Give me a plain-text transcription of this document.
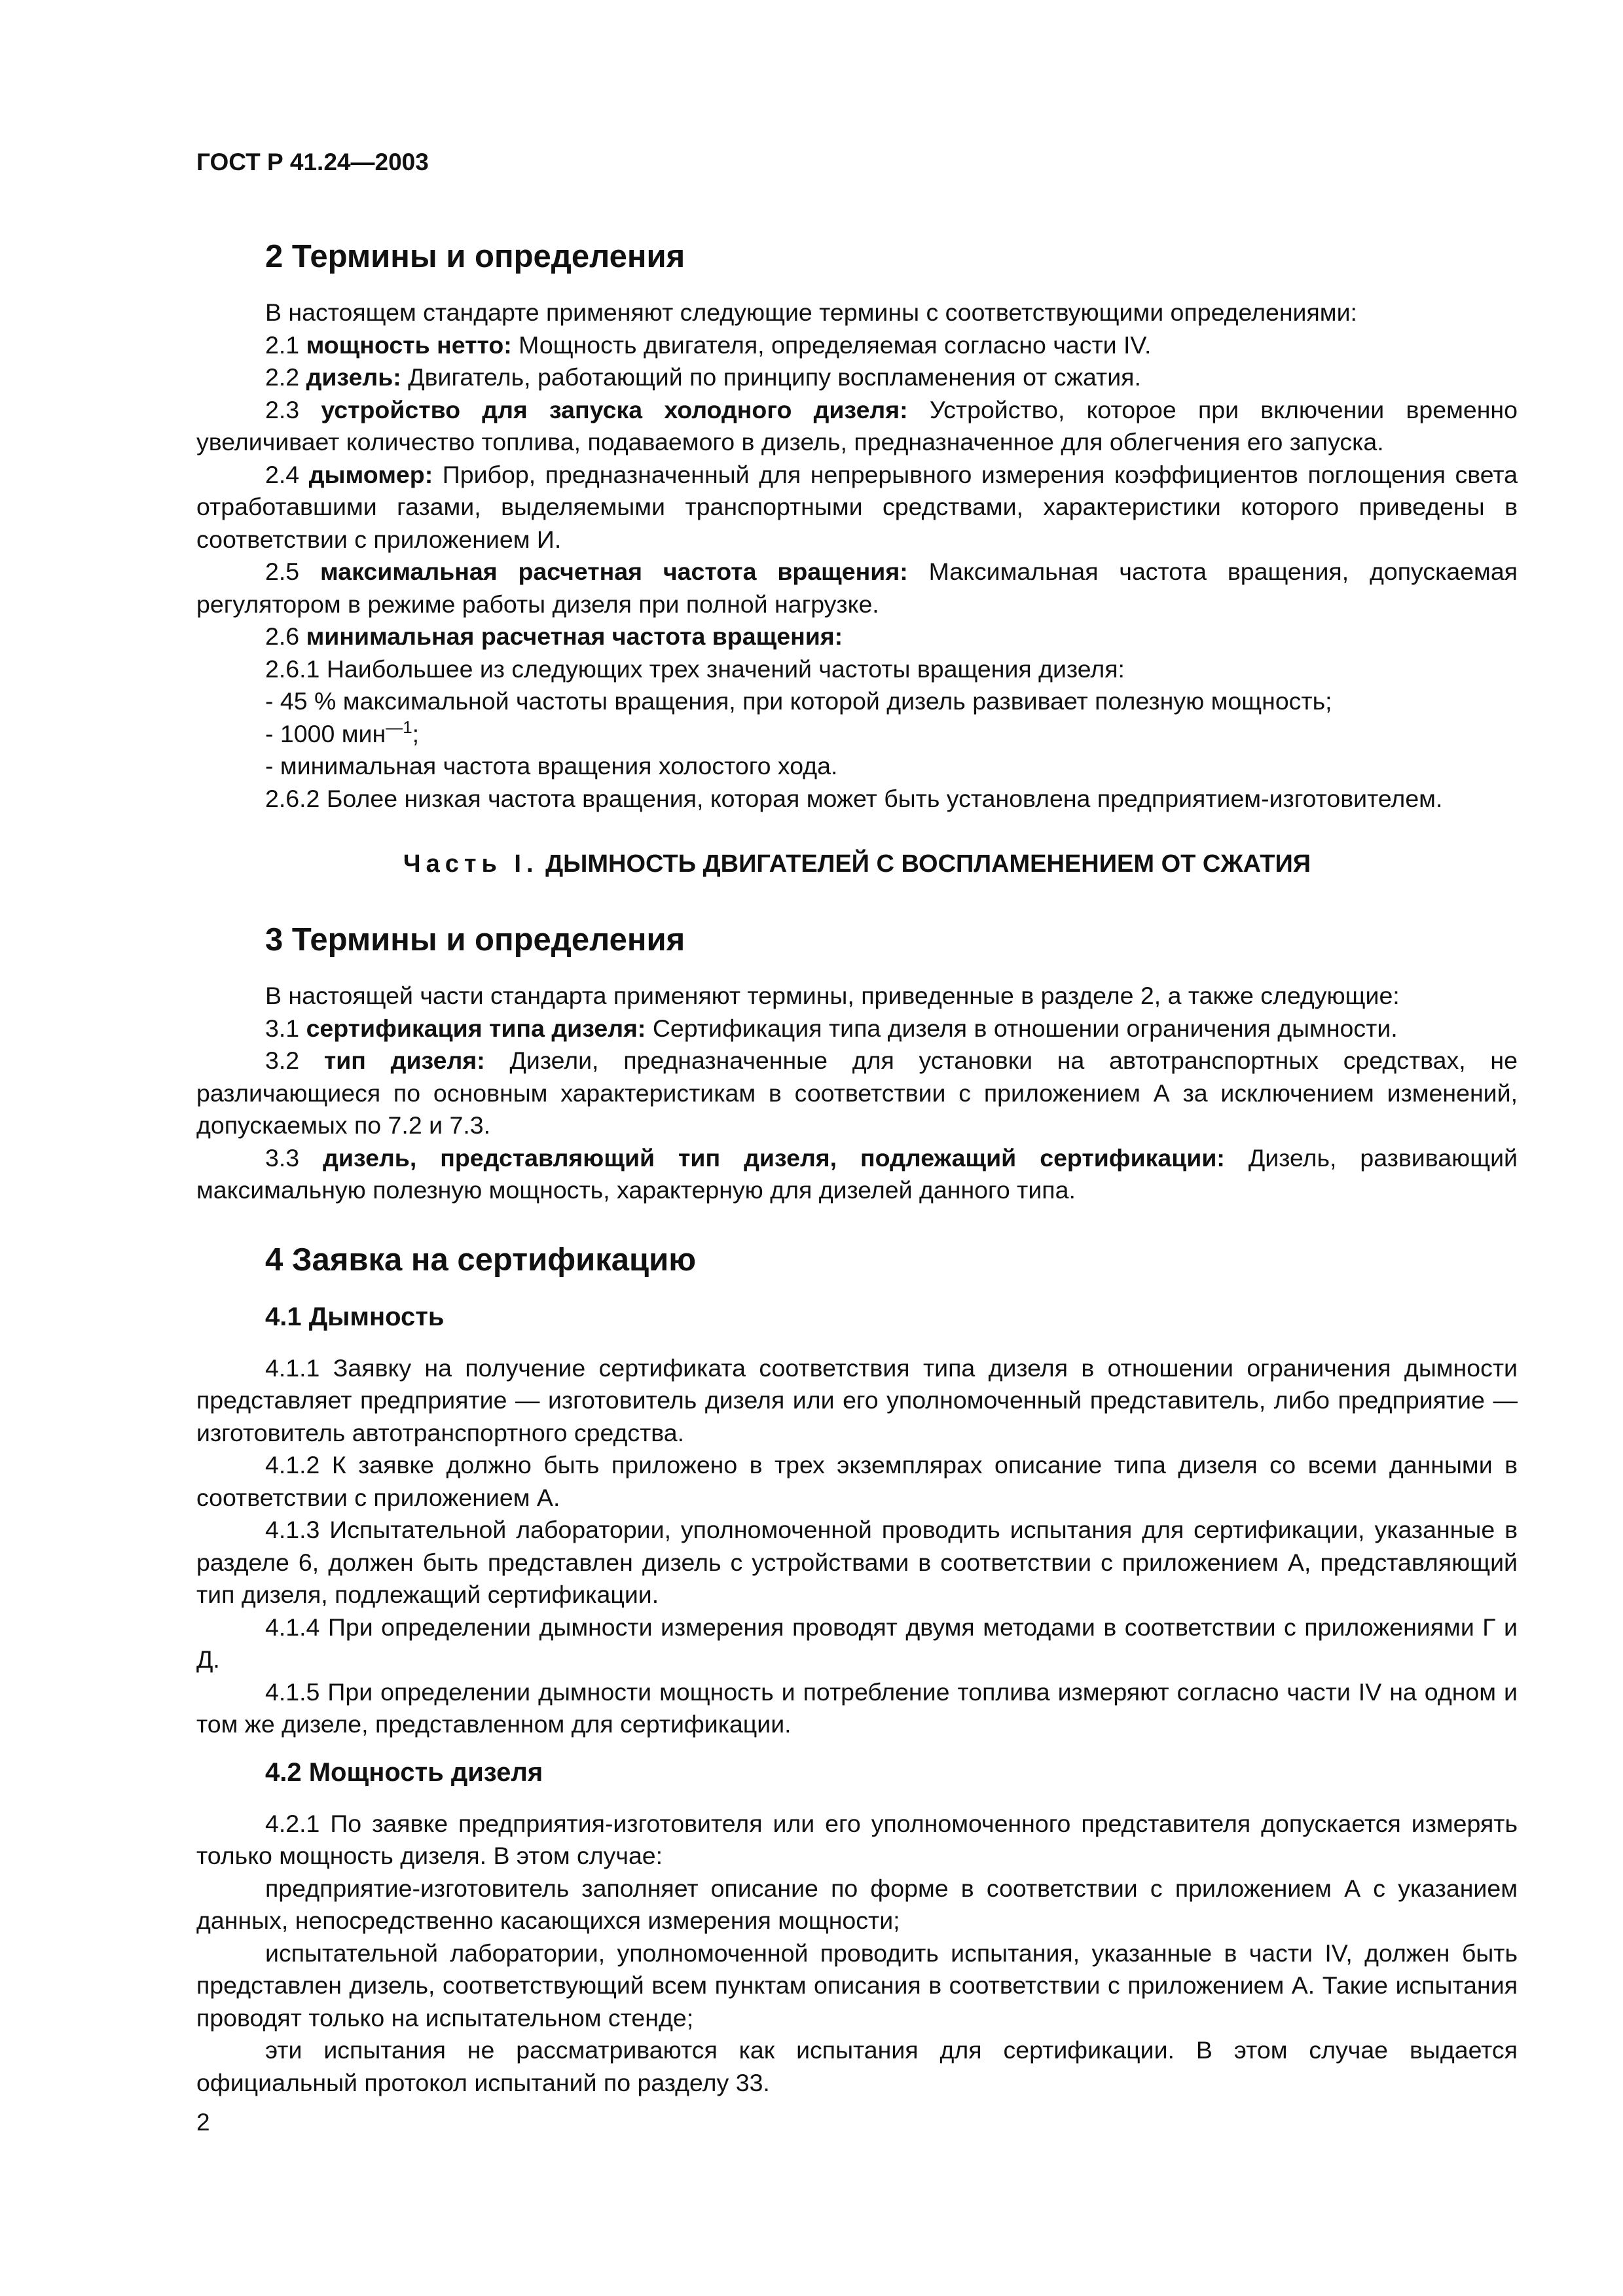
ГОСТ Р 41.24—2003
2 Термины и определения

В настоящем стандарте применяют следующие термины с соответствующими определениями:

2.1 мощность нетто: Мощность двигателя, определяемая согласно части IV.

2.2 дизель: Двигатель, работающий по принципу воспламенения от сжатия.

2.3 устройство для запуска холодного дизеля: Устройство, которое при включении временно увеличивает количество топлива, подаваемого в дизель, предназначенное для облегчения его запуска.

2.4 дымомер: Прибор, предназначенный для непрерывного измерения коэффициентов поглощения света отработавшими газами, выделяемыми транспортными средствами, характеристики которого приведены в соответствии с приложением И.

2.5 максимальная расчетная частота вращения: Максимальная частота вращения, допускаемая регулятором в режиме работы дизеля при полной нагрузке.

2.6 минимальная расчетная частота вращения:

2.6.1 Наибольшее из следующих трех значений частоты вращения дизеля:

- 45 % максимальной частоты вращения, при которой дизель развивает полезную мощность;

- 1000 мин$^{—1}$;

- минимальная частота вращения холостого хода.

2.6.2 Более низкая частота вращения, которая может быть установлена предприятием-изготовителем.

Часть I. ДЫМНОСТЬ ДВИГАТЕЛЕЙ С ВОСПЛАМЕНЕНИЕМ ОТ СЖАТИЯ
3 Термины и определения

В настоящей части стандарта применяют термины, приведенные в разделе 2, а также следующие:

3.1 сертификация типа дизеля: Сертификация типа дизеля в отношении ограничения дымности.

3.2 тип дизеля: Дизели, предназначенные для установки на автотранспортных средствах, не различающиеся по основным характеристикам в соответствии с приложением А за исключением изменений, допускаемых по 7.2 и 7.3.

3.3 дизель, представляющий тип дизеля, подлежащий сертификации: Дизель, развивающий максимальную полезную мощность, характерную для дизелей данного типа.

4 Заявка на сертификацию
4.1 Дымность

4.1.1 Заявку на получение сертификата соответствия типа дизеля в отношении ограничения дымности представляет предприятие — изготовитель дизеля или его уполномоченный представитель, либо предприятие — изготовитель автотранспортного средства.

4.1.2 К заявке должно быть приложено в трех экземплярах описание типа дизеля со всеми данными в соответствии с приложением А.

4.1.3 Испытательной лаборатории, уполномоченной проводить испытания для сертификации, указанные в разделе 6, должен быть представлен дизель с устройствами в соответствии с приложением А, представляющий тип дизеля, подлежащий сертификации.

4.1.4 При определении дымности измерения проводят двумя методами в соответствии с приложениями Г и Д.

4.1.5 При определении дымности мощность и потребление топлива измеряют согласно части IV на одном и том же дизеле, представленном для сертификации.

4.2 Мощность дизеля

4.2.1 По заявке предприятия-изготовителя или его уполномоченного представителя допускается измерять только мощность дизеля. В этом случае:

предприятие-изготовитель заполняет описание по форме в соответствии с приложением А с указанием данных, непосредственно касающихся измерения мощности;

испытательной лаборатории, уполномоченной проводить испытания, указанные в части IV, должен быть представлен дизель, соответствующий всем пунктам описания в соответствии с приложением А. Такие испытания проводят только на испытательном стенде;

эти испытания не рассматриваются как испытания для сертификации. В этом случае выдается официальный протокол испытаний по разделу 33.

2
